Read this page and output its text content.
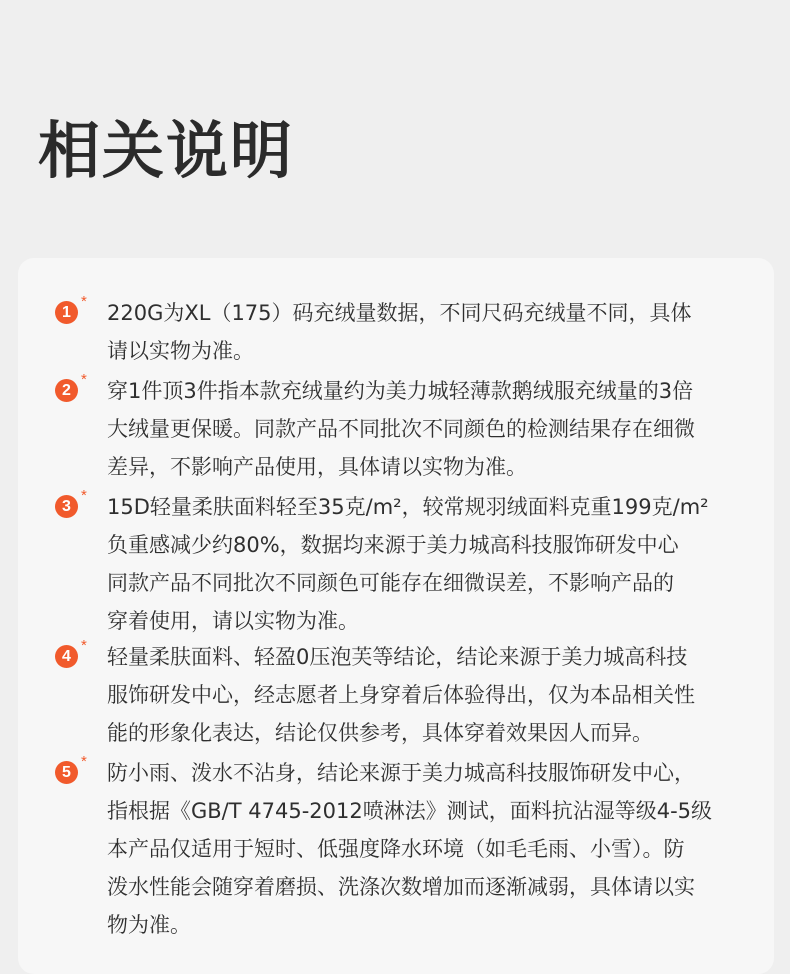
相关说明
1
* 220G为XL（175）码充绒量数据，不同尺码充绒量不同，具体
请以实物为准。

2
* 穿1件顶3件指本款充绒量约为美力城轻薄款鹅绒服充绒量的3倍
大绒量更保暖。同款产品不同批次不同颜色的检测结果存在细微
差异，不影响产品使用，具体请以实物为准。

3
* 15D轻量柔肤面料轻至35克/m²，较常规羽绒面料克重199克/m²
负重感减少约80%，数据均来源于美力城高科技服饰研发中心
同款产品不同批次不同颜色可能存在细微误差，不影响产品的
穿着使用，请以实物为准。

4
* 轻量柔肤面料、轻盈0压泡芙等结论，结论来源于美力城高科技
服饰研发中心，经志愿者上身穿着后体验得出，仅为本品相关性
能的形象化表达，结论仅供参考，具体穿着效果因人而异。

5
* 防小雨、泼水不沾身，结论来源于美力城高科技服饰研发中心，
指根据《GB/T 4745-2012喷淋法》测试，面料抗沾湿等级4-5级
本产品仅适用于短时、低强度降水环境（如毛毛雨、小雪）。防
泼水性能会随穿着磨损、洗涤次数增加而逐渐减弱，具体请以实
物为准。
